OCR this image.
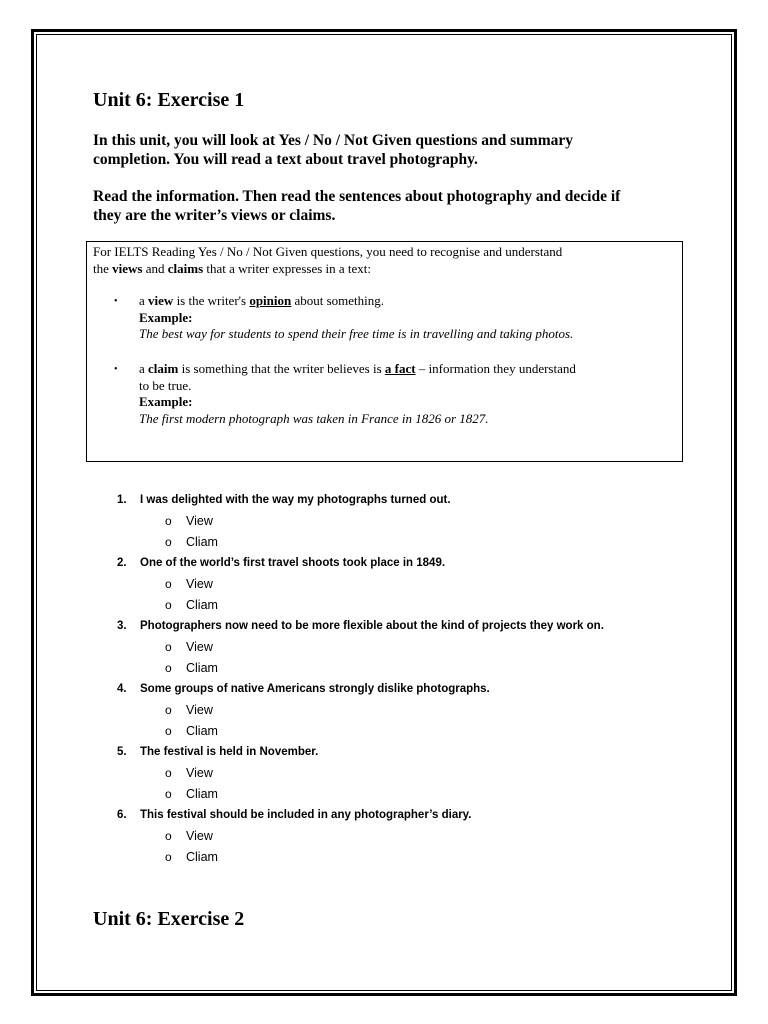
Unit 6: Exercise 1
In this unit, you will look at Yes / No / Not Given questions and summary
completion. You will read a text about travel photography.
Read the information. Then read the sentences about photography and decide if
they are the writer’s views or claims.
For IELTS Reading Yes / No / Not Given questions, you need to recognise and understand
the views and claims that a writer expresses in a text:
• a view is the writer's opinion about something.
Example:
The best way for students to spend their free time is in travelling and taking photos.
• a claim is something that the writer believes is a fact – information they understand
to be true.
Example:
The first modern photograph was taken in France in 1826 or 1827.
1. I was delighted with the way my photographs turned out.
o View
o Cliam
2. One of the world’s first travel shoots took place in 1849.
o View
o Cliam
3. Photographers now need to be more flexible about the kind of projects they work on.
o View
o Cliam
4. Some groups of native Americans strongly dislike photographs.
o View
o Cliam
5. The festival is held in November.
o View
o Cliam
6. This festival should be included in any photographer’s diary.
o View
o Cliam
Unit 6: Exercise 2
